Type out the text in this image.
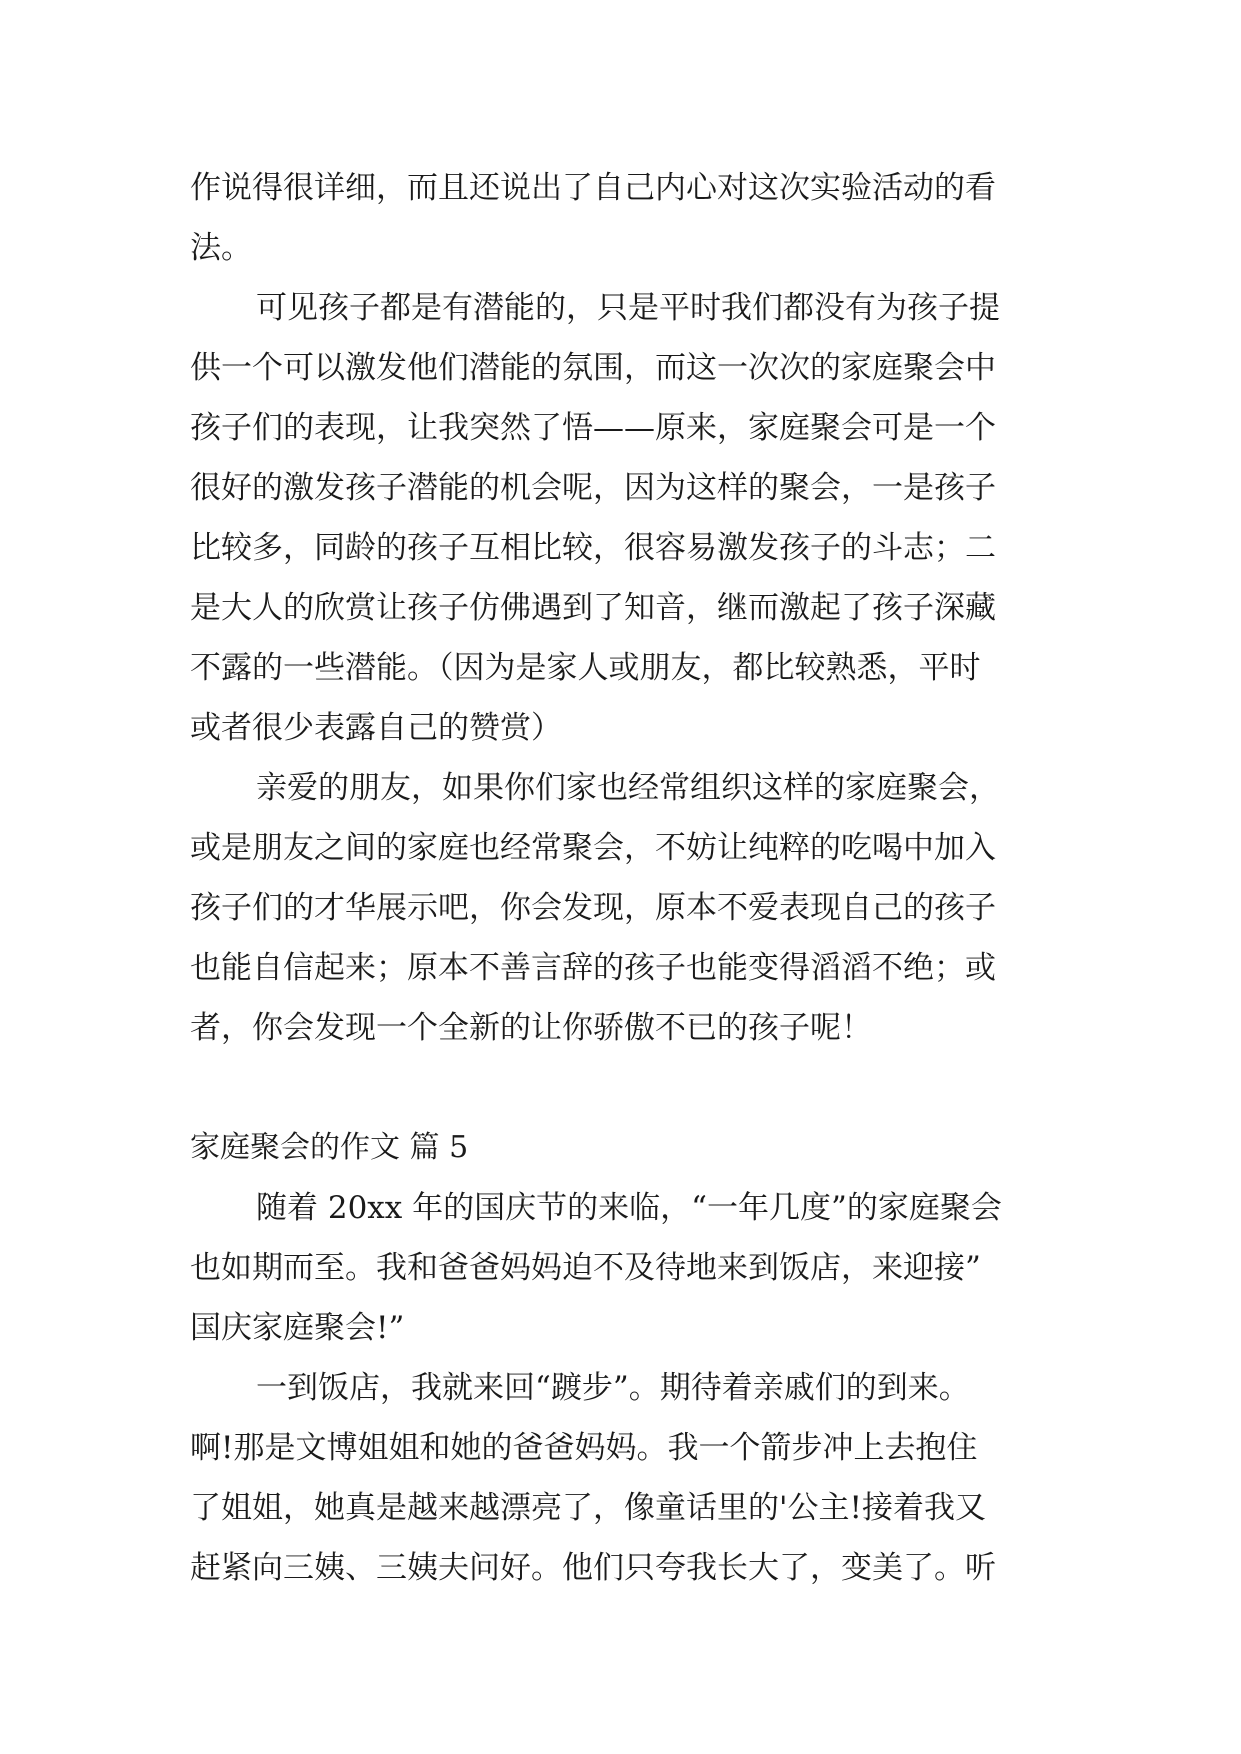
作说得很详细，而且还说出了自己内心对这次实验活动的看
法。
可见孩子都是有潜能的，只是平时我们都没有为孩子提
供一个可以激发他们潜能的氛围，而这一次次的家庭聚会中
孩子们的表现，让我突然了悟——原来，家庭聚会可是一个
很好的激发孩子潜能的机会呢，因为这样的聚会，一是孩子
比较多，同龄的孩子互相比较，很容易激发孩子的斗志；二
是大人的欣赏让孩子仿佛遇到了知音，继而激起了孩子深藏
不露的一些潜能。（因为是家人或朋友，都比较熟悉，平时
或者很少表露自己的赞赏）
亲爱的朋友，如果你们家也经常组织这样的家庭聚会，
或是朋友之间的家庭也经常聚会，不妨让纯粹的吃喝中加入
孩子们的才华展示吧，你会发现，原本不爱表现自己的孩子
也能自信起来；原本不善言辞的孩子也能变得滔滔不绝；或
者，你会发现一个全新的让你骄傲不已的孩子呢！
家庭聚会的作文 篇 5
随着 20xx 年的国庆节的来临，“一年几度”的家庭聚会
也如期而至。我和爸爸妈妈迫不及待地来到饭店，来迎接”
国庆家庭聚会!”
一到饭店，我就来回“踱步”。期待着亲戚们的到来。
啊!那是文博姐姐和她的爸爸妈妈。我一个箭步冲上去抱住
了姐姐，她真是越来越漂亮了，像童话里的'公主!接着我又
赶紧向三姨、三姨夫问好。他们只夸我长大了，变美了。听
